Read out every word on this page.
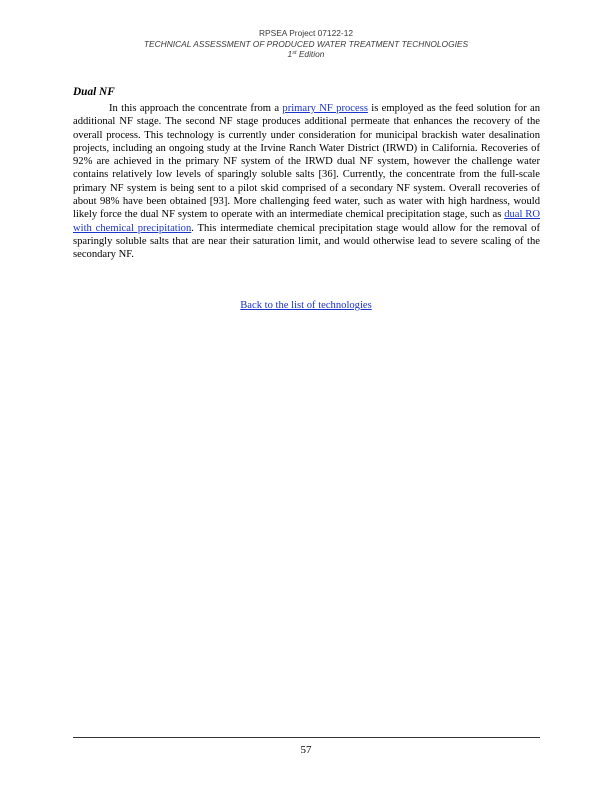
RPSEA Project 07122-12
TECHNICAL ASSESSMENT OF PRODUCED WATER TREATMENT TECHNOLOGIES
1st Edition
Dual NF

In this approach the concentrate from a primary NF process is employed as the feed solution for an additional NF stage. The second NF stage produces additional permeate that enhances the recovery of the overall process. This technology is currently under consideration for municipal brackish water desalination projects, including an ongoing study at the Irvine Ranch Water District (IRWD) in California. Recoveries of 92% are achieved in the primary NF system of the IRWD dual NF system, however the challenge water contains relatively low levels of sparingly soluble salts [36]. Currently, the concentrate from the full-scale primary NF system is being sent to a pilot skid comprised of a secondary NF system. Overall recoveries of about 98% have been obtained [93]. More challenging feed water, such as water with high hardness, would likely force the dual NF system to operate with an intermediate chemical precipitation stage, such as dual RO with chemical precipitation. This intermediate chemical precipitation stage would allow for the removal of sparingly soluble salts that are near their saturation limit, and would otherwise lead to severe scaling of the secondary NF.

Back to the list of technologies
57
